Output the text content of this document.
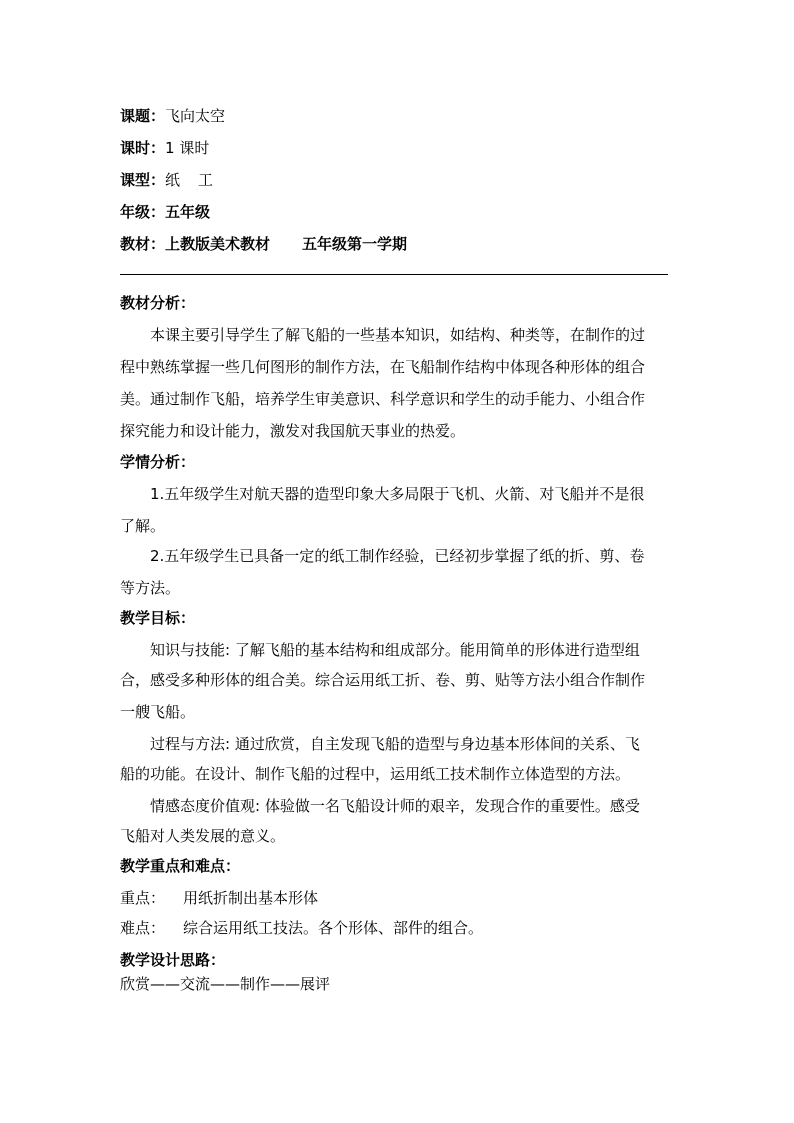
课题：飞向太空
课时：1 课时
课型：纸 工
年级：五年级
教材：上教版美术教材 五年级第一学期
教材分析：
本课主要引导学生了解飞船的一些基本知识，如结构、种类等，在制作的过
程中熟练掌握一些几何图形的制作方法，在飞船制作结构中体现各种形体的组合
美。通过制作飞船，培养学生审美意识、科学意识和学生的动手能力、小组合作
探究能力和设计能力，激发对我国航天事业的热爱。
学情分析：
1.五年级学生对航天器的造型印象大多局限于飞机、火箭、对飞船并不是很
了解。
2.五年级学生已具备一定的纸工制作经验，已经初步掌握了纸的折、剪、卷
等方法。
教学目标：
知识与技能: 了解飞船的基本结构和组成部分。能用简单的形体进行造型组
合，感受多种形体的组合美。综合运用纸工折、卷、剪、贴等方法小组合作制作
一艘飞船。
过程与方法: 通过欣赏，自主发现飞船的造型与身边基本形体间的关系、飞
船的功能。在设计、制作飞船的过程中，运用纸工技术制作立体造型的方法。
情感态度价值观: 体验做一名飞船设计师的艰辛，发现合作的重要性。感受
飞船对人类发展的意义。
教学重点和难点：
重点： 用纸折制出基本形体
难点： 综合运用纸工技法。各个形体、部件的组合。
教学设计思路：
欣赏——交流——制作——展评
